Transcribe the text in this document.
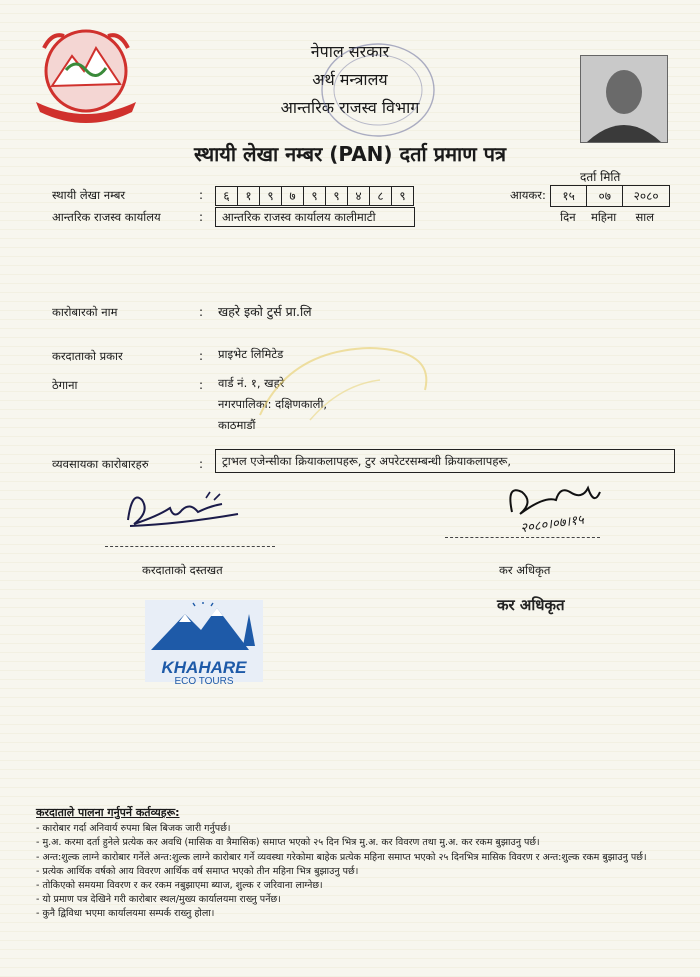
नेपाल सरकार
अर्थ मन्त्रालय
आन्तरिक राजस्व विभाग
स्थायी लेखा नम्बर (PAN) दर्ता प्रमाण पत्र
दर्ता मिति
आयकर:	१५	०७	२०८०
दिन	महिना	साल
स्थायी लेखा नम्बर	:	६	१	९	७	९	९	४	८	९
आन्तरिक राजस्व कार्यालय	:	आन्तरिक राजस्व कार्यालय कालीमाटी
कारोबारको नाम	: खहरे इको टुर्स प्रा.लि
करदाताको प्रकार	: प्राइभेट लिमिटेड
ठेगाना	: वार्ड नं. १, खहरे
नगरपालिका: दक्षिणकाली,
काठमाडौं
व्यवसायका कारोबारहरु	:	ट्राभल एजेन्सीका क्रियाकलापहरू, टुर अपरेटरसम्बन्धी क्रियाकलापहरू,
करदाताको दस्तखत
२०८०।०७।१५
कर अधिकृत
कर अधिकृत
KHAHARE
ECO TOURS

करदाताले पालना गर्नुपर्ने कर्तव्यहरू:

- कारोबार गर्दा अनिवार्य रुपमा बिल बिजक जारी गर्नुपर्छ।

- मु.अ. करमा दर्ता हुनेले प्रत्येक कर अवधि (मासिक वा त्रैमासिक) समाप्त भएको २५ दिन भित्र मु.अ. कर विवरण तथा मु.अ. कर रकम बुझाउनु पर्छ।

- अन्त:शुल्क लाग्ने कारोबार गर्नेले अन्त:शुल्क लाग्ने कारोबार गर्ने व्यवस्था गरेकोमा बाहेक प्रत्येक महिना समाप्त भएको २५ दिनभित्र मासिक विवरण र अन्त:शुल्क रकम बुझाउनु पर्छ।

- प्रत्येक आर्थिक वर्षको आय विवरण आर्थिक वर्ष समाप्त भएको तीन महिना भित्र बुझाउनु पर्छ।

- तोकिएको समयमा विवरण र कर रकम नबुझाएमा ब्याज, शुल्क र जरिवाना लाग्नेछ।

- यो प्रमाण पत्र देखिने गरी कारोबार स्थल/मुख्य कार्यालयमा राख्नु पर्नेछ।

- कुनै द्विविधा भएमा कार्यालयमा सम्पर्क राख्नु होला।
